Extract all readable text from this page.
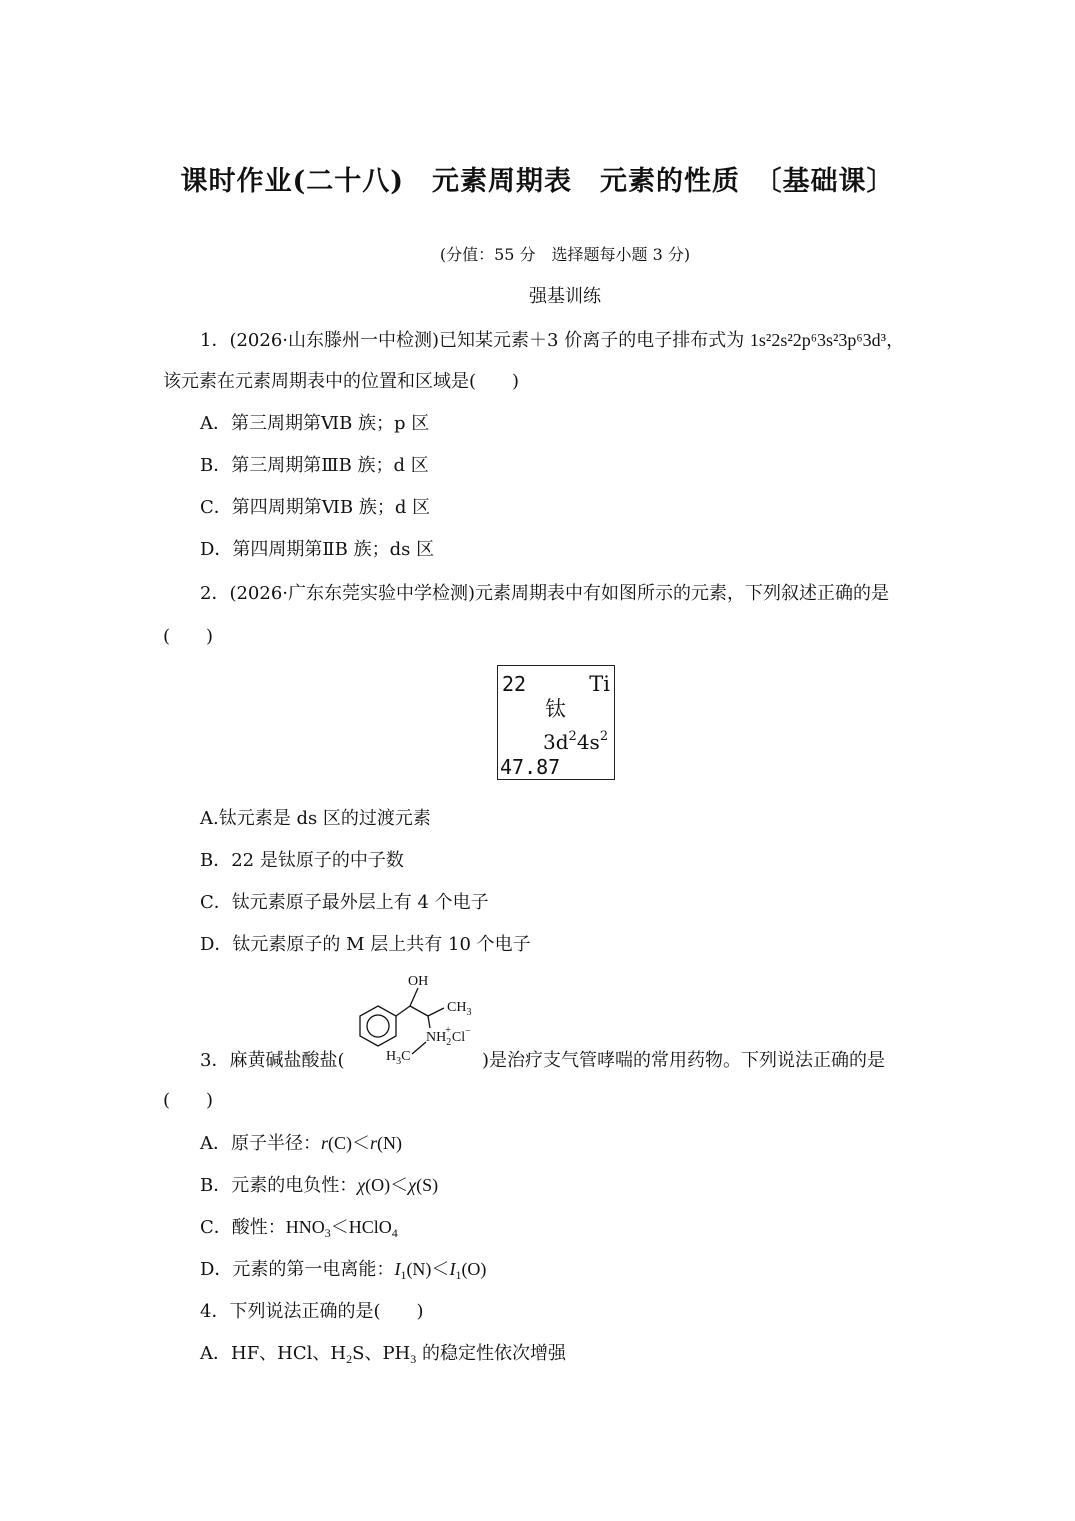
课时作业(二十八)　元素周期表　元素的性质　〔基础课〕
(分值：55 分　选择题每小题 3 分)
强基训练
1．(2026·山东滕州一中检测)已知某元素＋3 价离子的电子排布式为 1s²2s²2p⁶3s²3p⁶3d³，
该元素在元素周期表中的位置和区域是(　　)
A．第三周期第ⅥB 族；p 区
B．第三周期第ⅢB 族；d 区
C．第四周期第ⅥB 族；d 区
D．第四周期第ⅡB 族；ds 区
2．(2026·广东东莞实验中学检测)元素周期表中有如图所示的元素，下列叙述正确的是
(　　)
22	Ti
钛
$3d^24s^2$
47.87
A.钛元素是 ds 区的过渡元素
B．22 是钛原子的中子数
C．钛元素原子最外层上有 4 个电子
D．钛元素原子的 M 层上共有 10 个电子
OH
$CH_3$
$NH_2+Cl^-$
$H_3C$
3．麻黄碱盐酸盐(	)是治疗支气管哮喘的常用药物。下列说法正确的是
(　　)
A．原子半径：r(C)＜r(N)
B．元素的电负性：χ(O)＜χ(S)
C．酸性：$HNO_3<HClO_4$
D．元素的第一电离能：$I_1(N)<I_1(O)$
4．下列说法正确的是(　　)
A．HF、HCl、$H_2S$、$PH_3$ 的稳定性依次增强
